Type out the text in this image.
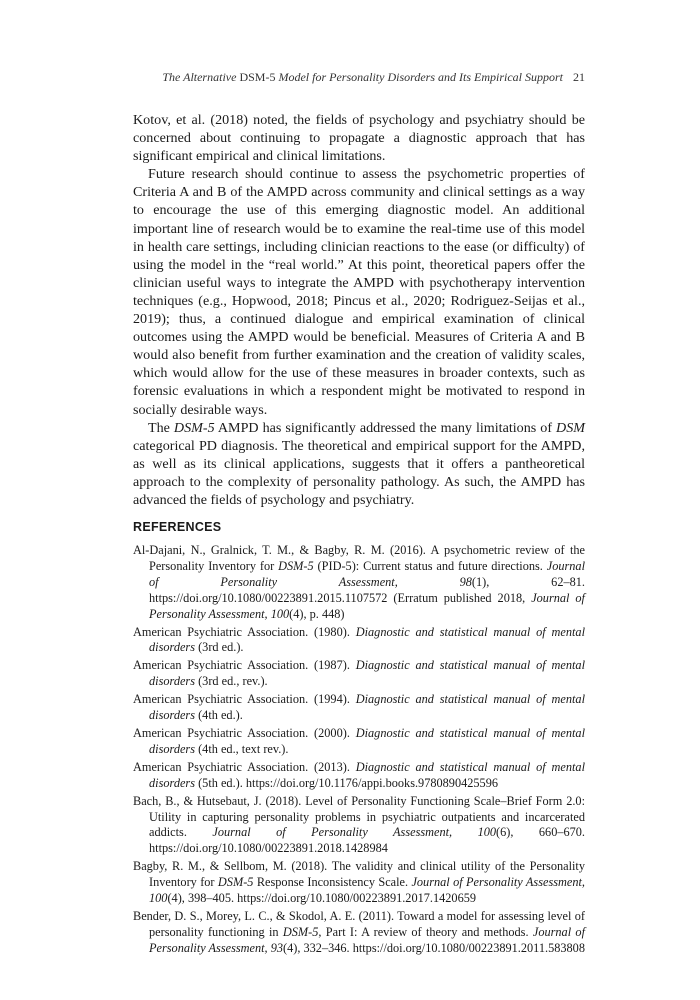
The Alternative DSM-5 Model for Personality Disorders and Its Empirical Support 21

Kotov, et al. (2018) noted, the fields of psychology and psychiatry should be concerned about continuing to propagate a diagnostic approach that has significant empirical and clinical limitations.

Future research should continue to assess the psychometric properties of Criteria A and B of the AMPD across community and clinical settings as a way to encourage the use of this emerging diagnostic model. An additional important line of research would be to examine the real-time use of this model in health care settings, including clinician reactions to the ease (or difficulty) of using the model in the “real world.” At this point, theoretical papers offer the clinician useful ways to integrate the AMPD with psychotherapy intervention techniques (e.g., Hopwood, 2018; Pincus et al., 2020; Rodriguez-Seijas et al., 2019); thus, a continued dialogue and empirical examination of clinical outcomes using the AMPD would be beneficial. Measures of Criteria A and B would also benefit from further examination and the creation of validity scales, which would allow for the use of these measures in broader contexts, such as forensic evaluations in which a respondent might be motivated to respond in socially desirable ways.

The DSM-5 AMPD has significantly addressed the many limitations of DSM categorical PD diagnosis. The theoretical and empirical support for the AMPD, as well as its clinical applications, suggests that it offers a pantheoretical approach to the complexity of personality pathology. As such, the AMPD has advanced the fields of psychology and psychiatry.

REFERENCES

Al-Dajani, N., Gralnick, T. M., & Bagby, R. M. (2016). A psychometric review of the Personality Inventory for DSM-5 (PID-5): Current status and future directions. Journal of Personality Assessment, 98(1), 62–81. https://doi.org/10.1080/00223891.2015.1107572 (Erratum published 2018, Journal of Personality Assessment, 100(4), p. 448)

American Psychiatric Association. (1980). Diagnostic and statistical manual of mental disorders (3rd ed.).

American Psychiatric Association. (1987). Diagnostic and statistical manual of mental disorders (3rd ed., rev.).

American Psychiatric Association. (1994). Diagnostic and statistical manual of mental disorders (4th ed.).

American Psychiatric Association. (2000). Diagnostic and statistical manual of mental disorders (4th ed., text rev.).

American Psychiatric Association. (2013). Diagnostic and statistical manual of mental disorders (5th ed.). https://doi.org/10.1176/appi.books.9780890425596

Bach, B., & Hutsebaut, J. (2018). Level of Personality Functioning Scale–Brief Form 2.0: Utility in capturing personality problems in psychiatric outpatients and incarcerated addicts. Journal of Personality Assessment, 100(6), 660–670. https://doi.org/10.1080/00223891.2018.1428984

Bagby, R. M., & Sellbom, M. (2018). The validity and clinical utility of the Personality Inventory for DSM-5 Response Inconsistency Scale. Journal of Personality Assessment, 100(4), 398–405. https://doi.org/10.1080/00223891.2017.1420659

Bender, D. S., Morey, L. C., & Skodol, A. E. (2011). Toward a model for assessing level of personality functioning in DSM-5, Part I: A review of theory and methods. Journal of Personality Assessment, 93(4), 332–346. https://doi.org/10.1080/00223891.2011.583808
